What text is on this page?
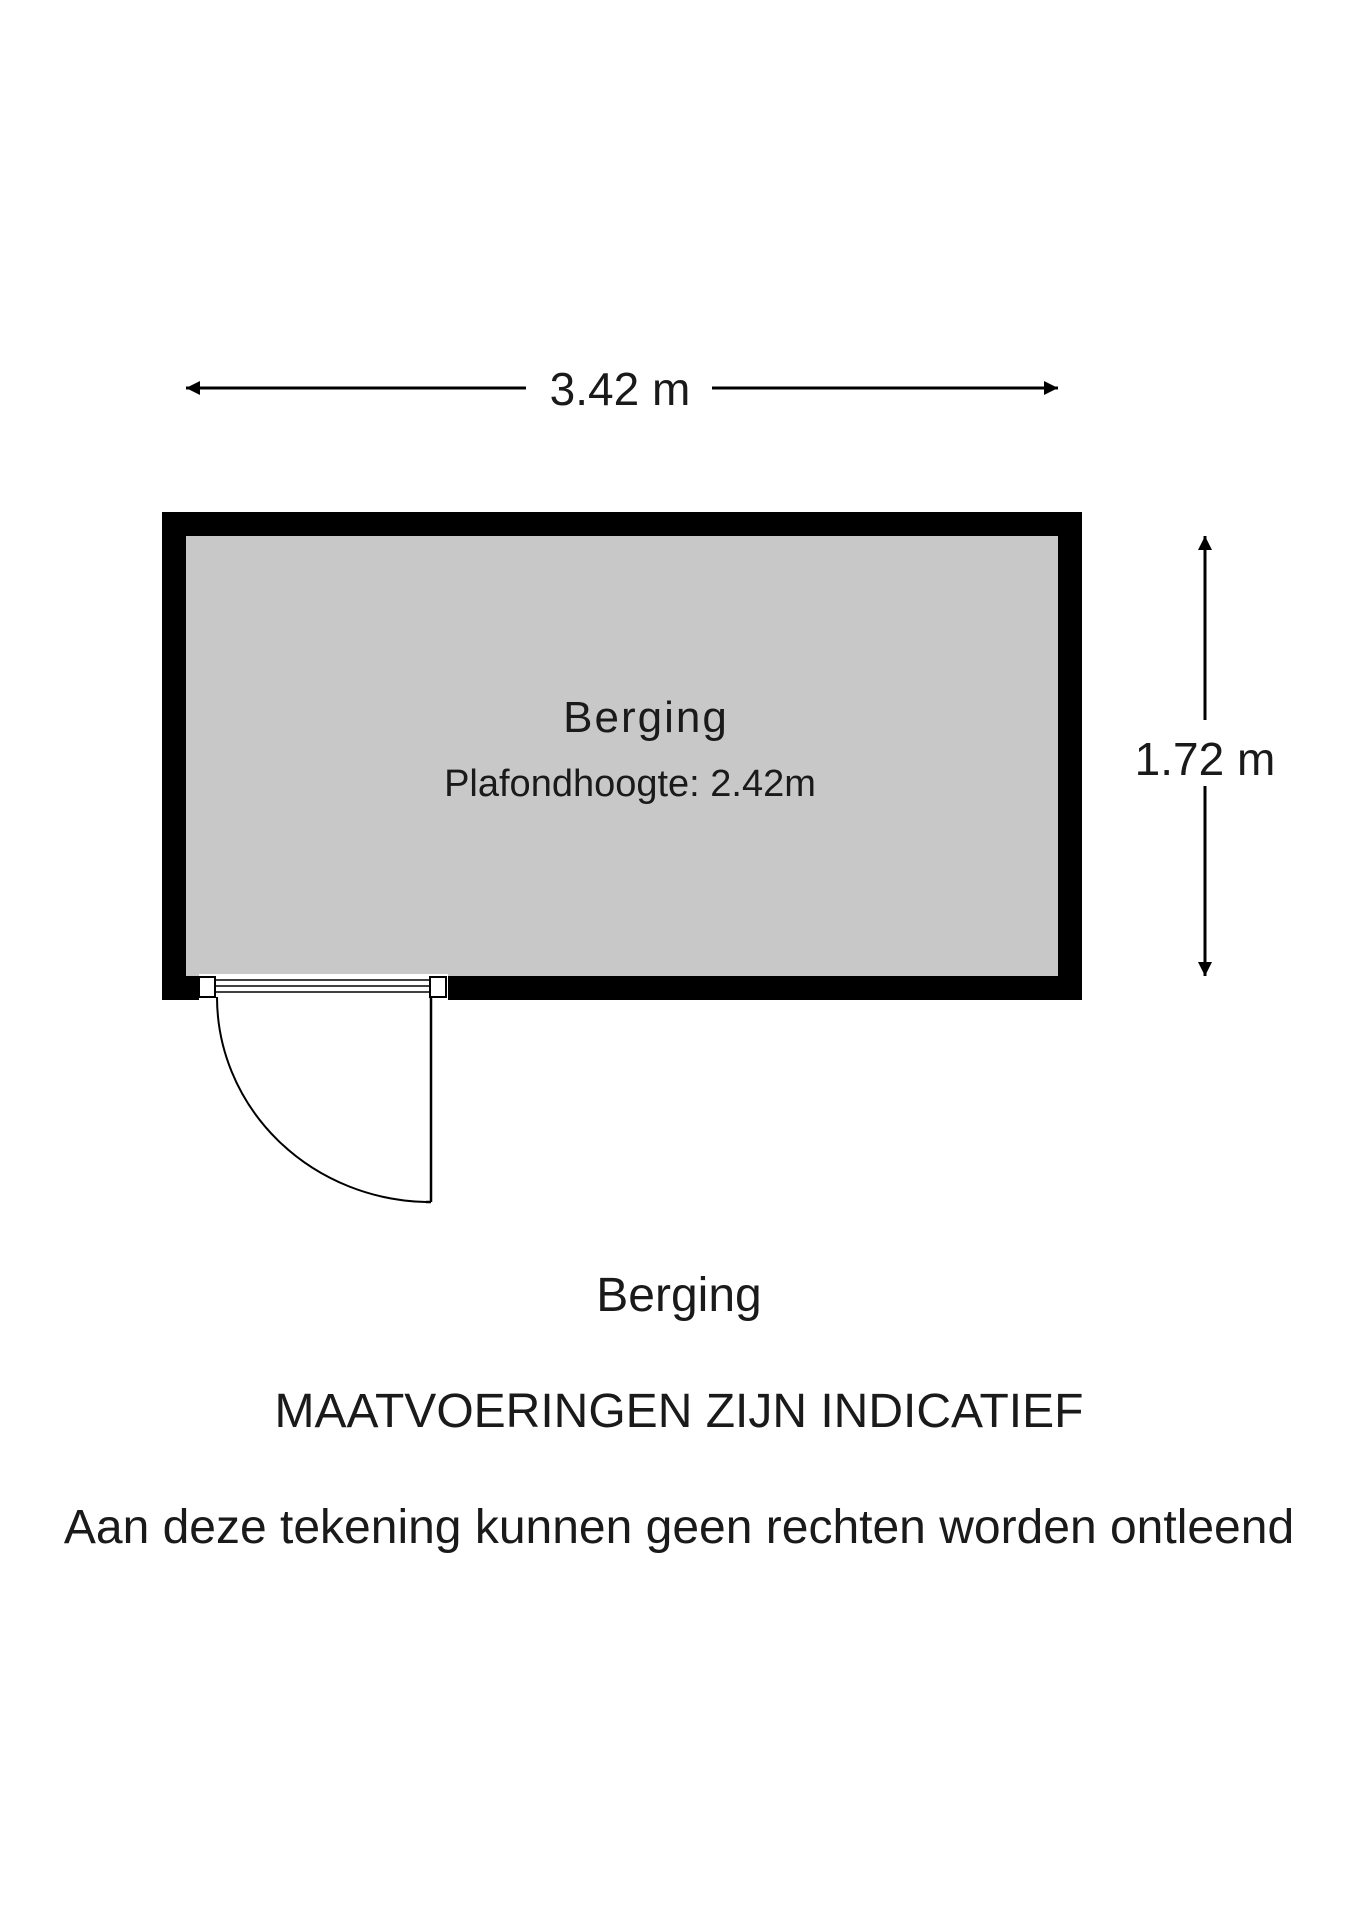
3.42 m
1.72 m
Berging
Plafondhoogte: 2.42m
Berging
MAATVOERINGEN ZIJN INDICATIEF
Aan deze tekening kunnen geen rechten worden ontleend
